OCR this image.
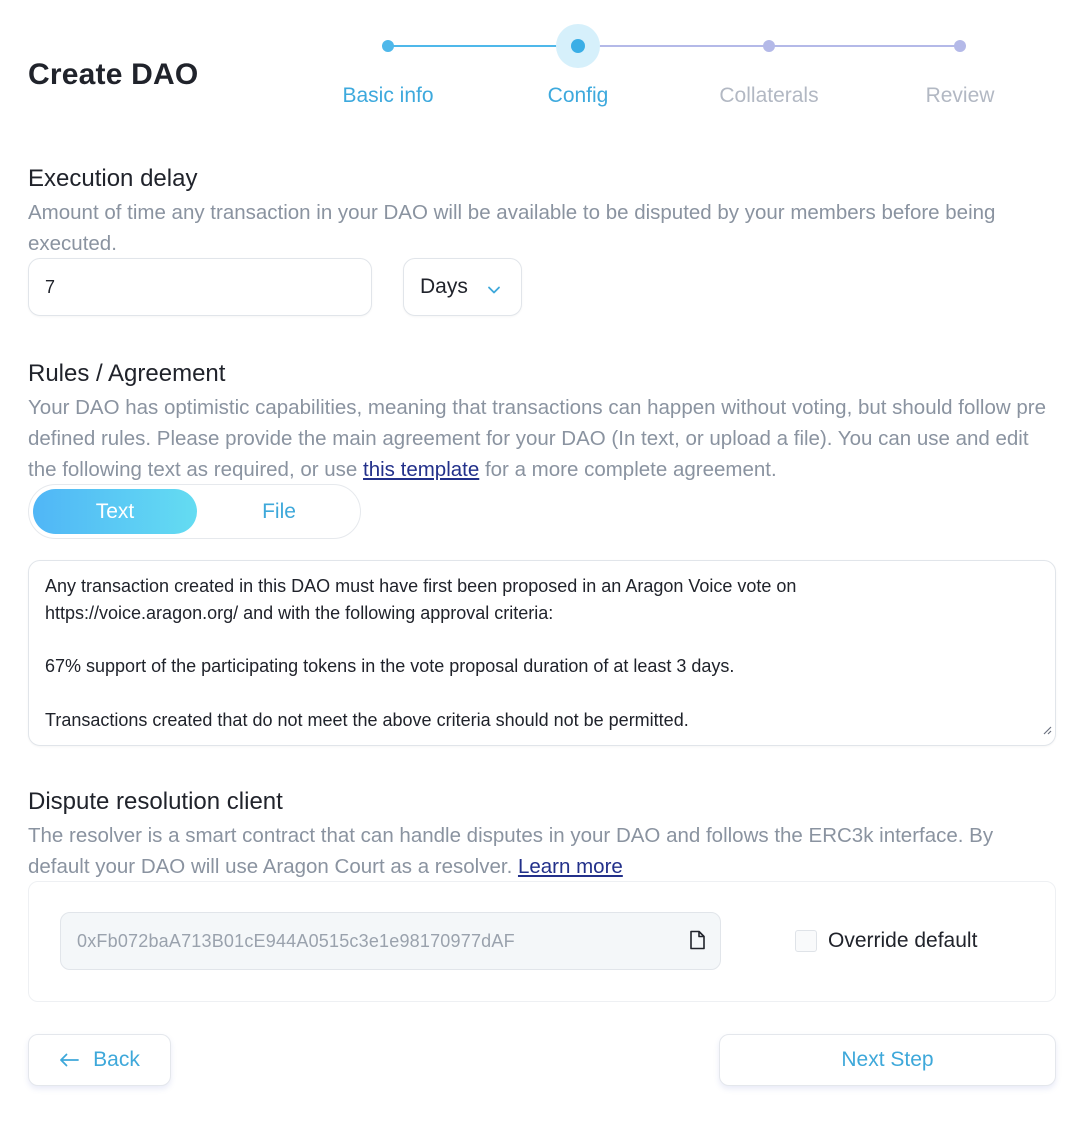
Create DAO
Basic info	Config	Collaterals	Review
Execution delay
Amount of time any transaction in your DAO will be available to be disputed by your members before being executed.
7	Days
Rules / Agreement
Your DAO has optimistic capabilities, meaning that transactions can happen without voting, but should follow pre defined rules. Please provide the main agreement for your DAO (In text, or upload a file). You can use and edit the following text as required, or use this template for a more complete agreement.
Text	File

Any transaction created in this DAO must have first been proposed in an Aragon Voice vote on

https://voice.aragon.org/ and with the following approval criteria:

67% support of the participating tokens in the vote proposal duration of at least 3 days.

Transactions created that do not meet the above criteria should not be permitted.

Dispute resolution client
The resolver is a smart contract that can handle disputes in your DAO and follows the ERC3k interface. By default your DAO will use Aragon Court as a resolver. Learn more
0xFb072baA713B01cE944A0515c3e1e98170977dAF	Override default
Back	Next Step
